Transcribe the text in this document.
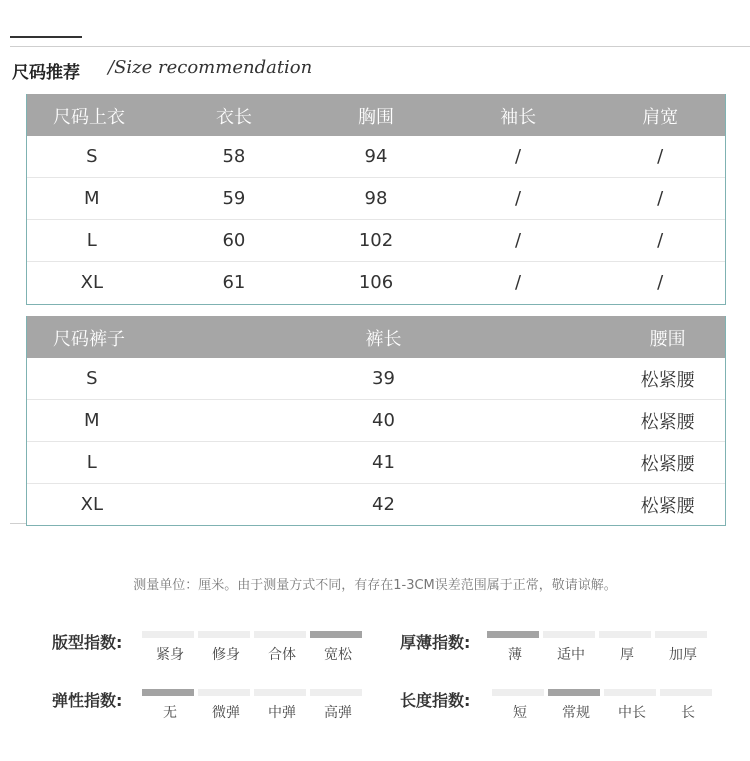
尺码推荐 /Size recommendation
尺码上衣	衣长	胸围	袖长	肩宽
S	58	94	/	/
M	59	98	/	/
L	60	102	/	/
XL	61	106	/	/
尺码裤子	裤长	腰围
S	39	松紧腰
M	40	松紧腰
L	41	松紧腰
XL	42	松紧腰
测量单位：厘米。由于测量方式不同，有存在1-3CM误差范围属于正常，敬请谅解。
版型指数:	厚薄指数:
弹性指数:	长度指数:
紧身	修身	合体	宽松	薄	适中	厚	加厚
无	微弹	中弹	高弹	短	常规	中长	长
